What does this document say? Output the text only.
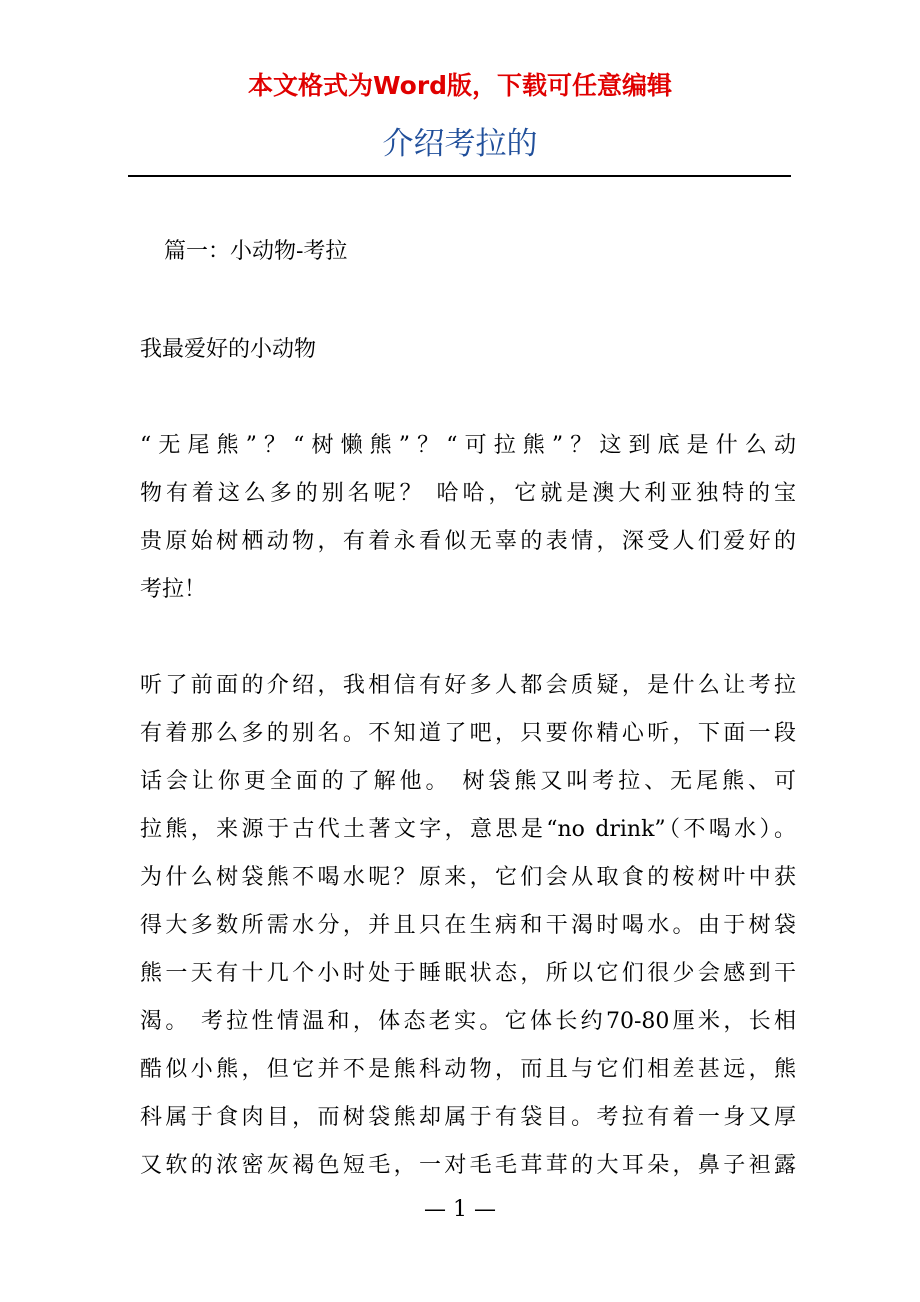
本文格式为Word版，下载可任意编辑
介绍考拉的
篇一：小动物-考拉
我最爱好的小动物
“无尾熊”？“树懒熊”？“可拉熊”？这到底是什么动
物有着这么多的别名呢？ 哈哈，它就是澳大利亚独特的宝
贵原始树栖动物，有着永看似无辜的表情，深受人们爱好的
考拉！
听了前面的介绍，我相信有好多人都会质疑，是什么让考拉
有着那么多的别名。不知道了吧，只要你精心听，下面一段
话会让你更全面的了解他。 树袋熊又叫考拉、无尾熊、可
拉熊，来源于古代土著文字，意思是“no drink”（不喝水）。
为什么树袋熊不喝水呢？原来，它们会从取食的桉树叶中获
得大多数所需水分，并且只在生病和干渴时喝水。由于树袋
熊一天有十几个小时处于睡眠状态，所以它们很少会感到干
渴。 考拉性情温和，体态老实。它体长约70-80厘米，长相
酷似小熊，但它并不是熊科动物，而且与它们相差甚远，熊
科属于食肉目，而树袋熊却属于有袋目。考拉有着一身又厚
又软的浓密灰褐色短毛，一对毛毛茸茸的大耳朵，鼻子袒露
— 1 —
